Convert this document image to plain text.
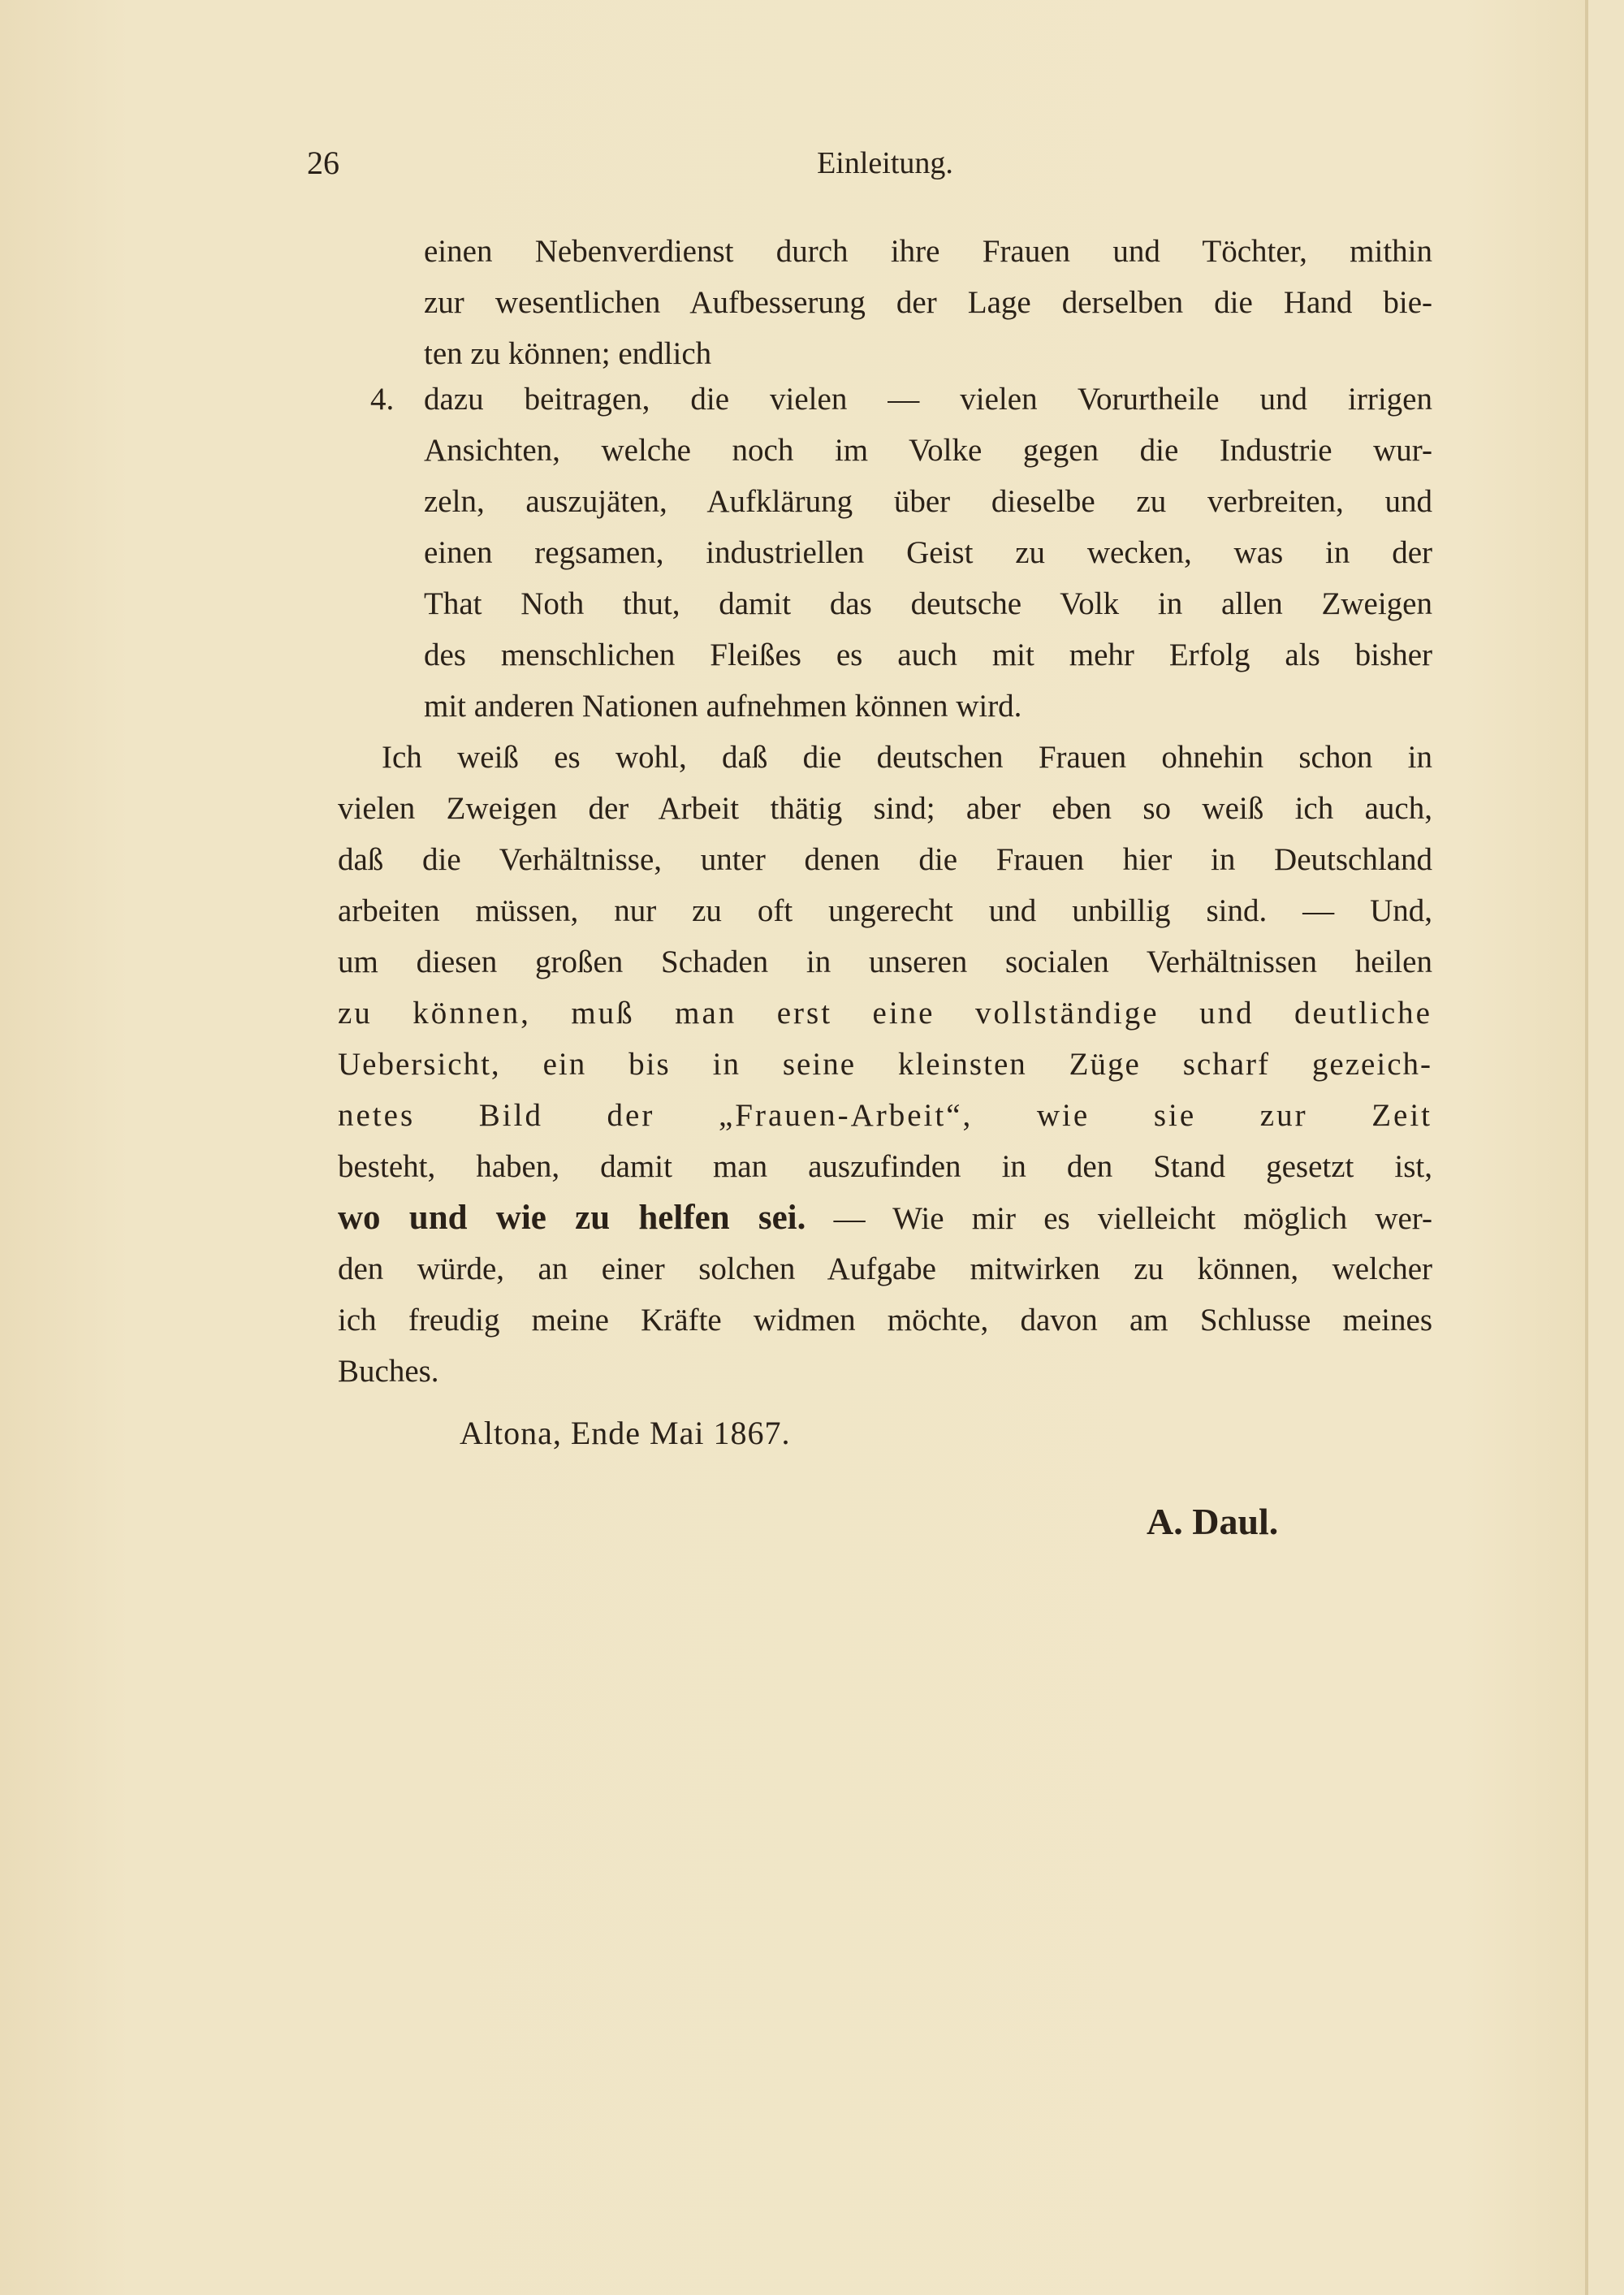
26	Einleitung.
einen Nebenverdienst durch ihre Frauen und Töchter, mithin
zur wesentlichen Aufbesserung der Lage derselben die Hand bie-
ten zu können; endlich
4. dazu beitragen, die vielen — vielen Vorurtheile und irrigen
Ansichten, welche noch im Volke gegen die Industrie wur-
zeln, auszujäten, Aufklärung über dieselbe zu verbreiten, und
einen regsamen, industriellen Geist zu wecken, was in der
That Noth thut, damit das deutsche Volk in allen Zweigen
des menschlichen Fleißes es auch mit mehr Erfolg als bisher
mit anderen Nationen aufnehmen können wird.
Ich weiß es wohl, daß die deutschen Frauen ohnehin schon in
vielen Zweigen der Arbeit thätig sind; aber eben so weiß ich auch,
daß die Verhältnisse, unter denen die Frauen hier in Deutschland
arbeiten müssen, nur zu oft ungerecht und unbillig sind. — Und,
um diesen großen Schaden in unseren socialen Verhältnissen heilen
zu können, muß man erst eine vollständige und deutliche
Uebersicht, ein bis in seine kleinsten Züge scharf gezeich-
netes Bild der „Frauen-Arbeit“, wie sie zur Zeit
besteht, haben, damit man auszufinden in den Stand gesetzt ist,
wo und wie zu helfen sei. — Wie mir es vielleicht möglich wer-
den würde, an einer solchen Aufgabe mitwirken zu können, welcher
ich freudig meine Kräfte widmen möchte, davon am Schlusse meines
Buches.
Altona, Ende Mai 1867.
A. Daul.
